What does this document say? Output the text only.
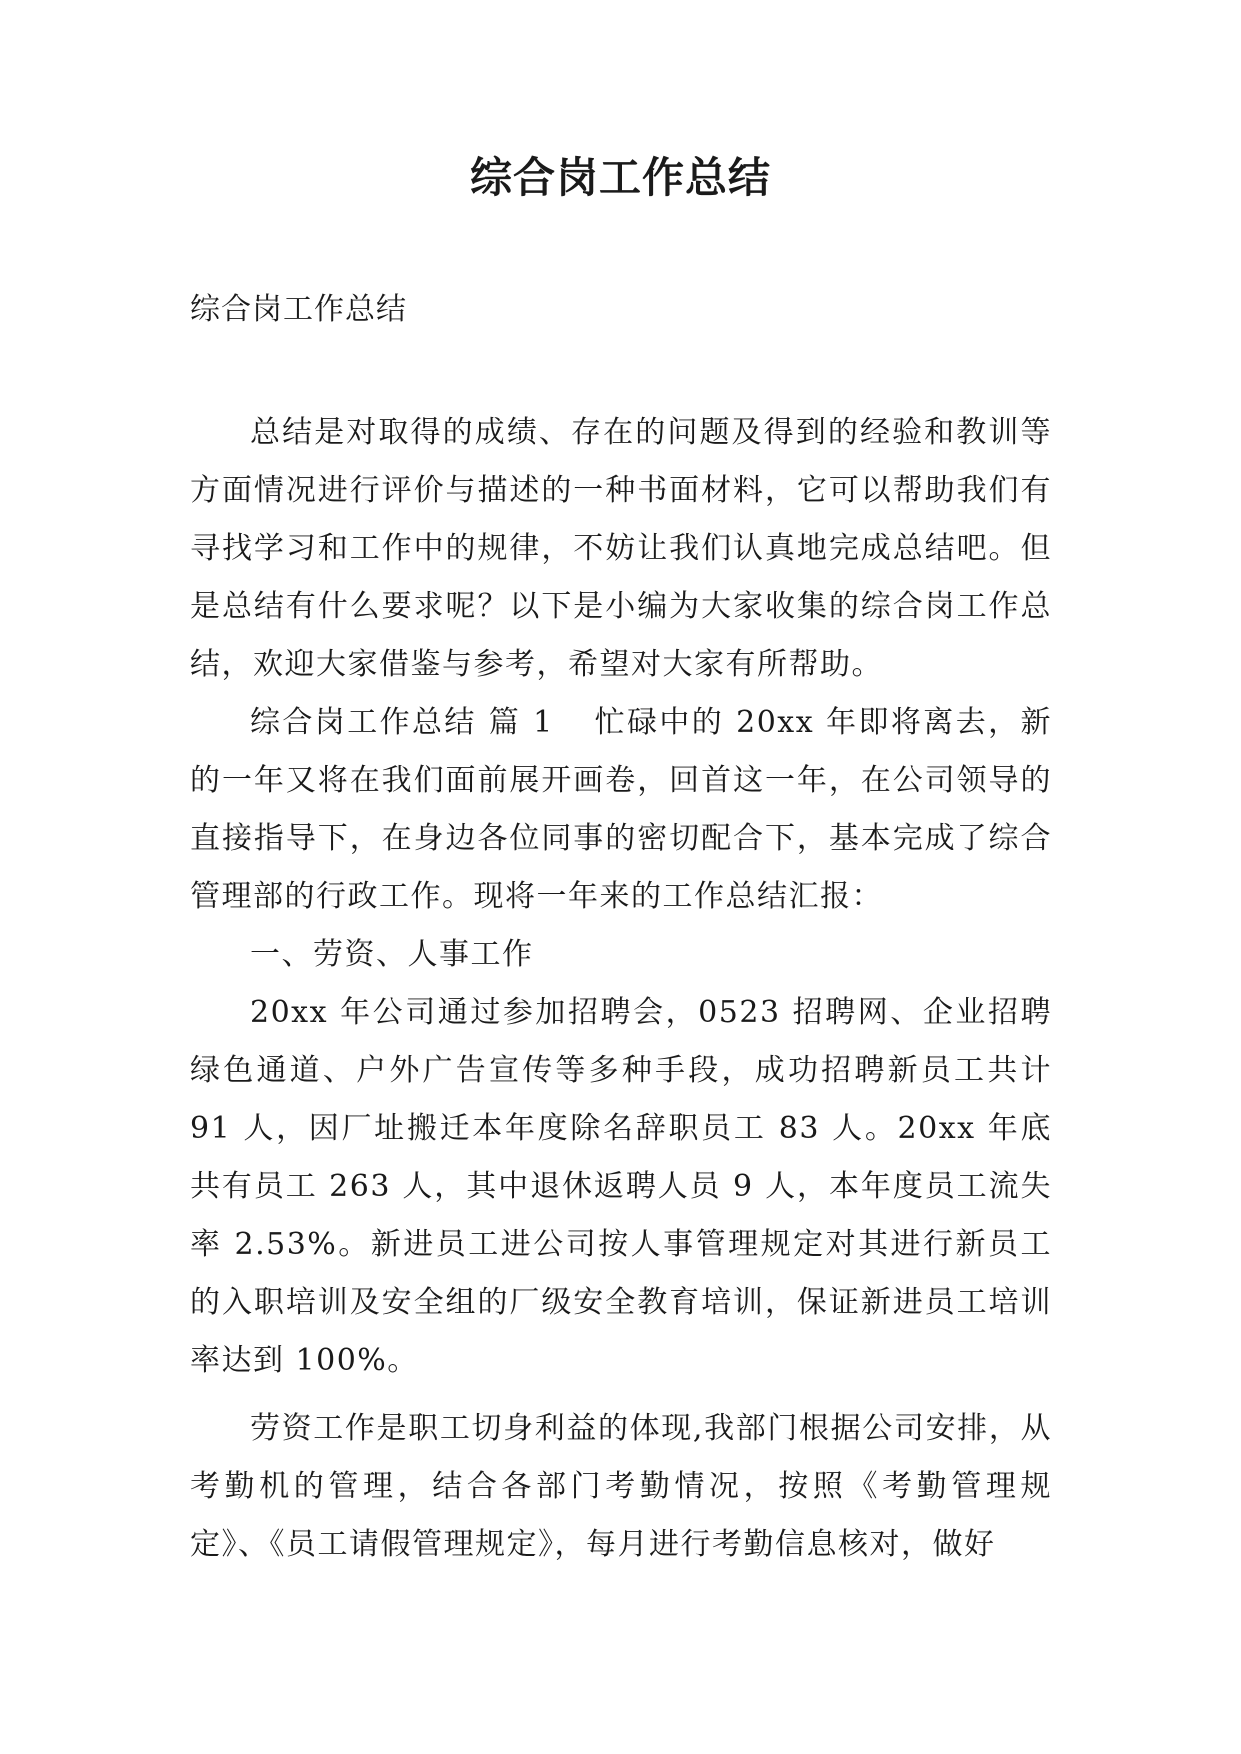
综合岗工作总结

综合岗工作总结

总结是对取得的成绩、存在的问题及得到的经验和教训等方面情况进行评价与描述的一种书面材料，它可以帮助我们有寻找学习和工作中的规律，不妨让我们认真地完成总结吧。但是总结有什么要求呢？以下是小编为大家收集的综合岗工作总结，欢迎大家借鉴与参考，希望对大家有所帮助。

综合岗工作总结 篇 1 忙碌中的 20xx 年即将离去，新的一年又将在我们面前展开画卷，回首这一年，在公司领导的直接指导下，在身边各位同事的密切配合下，基本完成了综合管理部的行政工作。现将一年来的工作总结汇报：

一、劳资、人事工作

20xx 年公司通过参加招聘会，0523 招聘网、企业招聘绿色通道、户外广告宣传等多种手段，成功招聘新员工共计 91 人，因厂址搬迁本年度除名辞职员工 83 人。20xx 年底共有员工 263 人，其中退休返聘人员 9 人，本年度员工流失率 2.53%。新进员工进公司按人事管理规定对其进行新员工的入职培训及安全组的厂级安全教育培训，保证新进员工培训率达到 100%。

劳资工作是职工切身利益的体现,我部门根据公司安排，从考勤机的管理，结合各部门考勤情况，按照《考勤管理规定》、《员工请假管理规定》，每月进行考勤信息核对，做好
